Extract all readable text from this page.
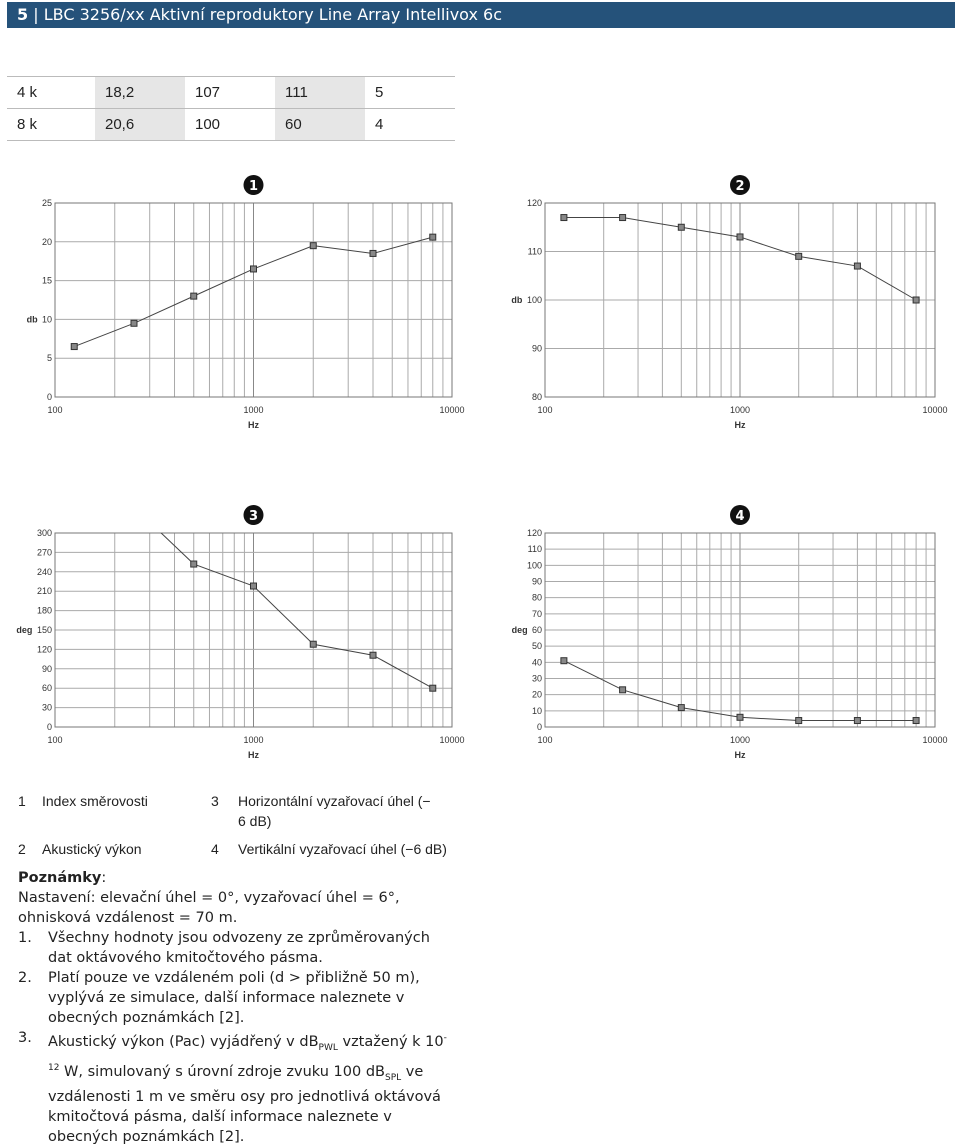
5 | LBC 3256/xx Aktivní reproduktory Line Array Intellivox 6c
4 k	18,2	107	111	5
8 k	20,6	100	60	4
0
5
10
15
20
25
db
100	1000	10000
Hz
1
80
90
100
110
120
db
100	1000	10000
Hz
2
0
30
60
90
120
150
180
210
240
270
300
deg
100	1000	10000
Hz
3
0
10
20
30
40
50
60
70
80
90
100
110
120
deg
100	1000	10000
Hz
4
1 Index směrovosti	3 Horizontální vyzařovací úhel (−
6 dB)
2 Akustický výkon	4 Vertikální vyzařovací úhel (−6 dB)
Poznámky:
Nastavení: elevační úhel = 0°, vyzařovací úhel = 6°, ohnisková vzdálenost = 70 m.
1. Všechny hodnoty jsou odvozeny ze zprůměrovaných dat oktávového kmitočtového pásma.
2. Platí pouze ve vzdáleném poli (d > přibližně 50 m), vyplývá ze simulace, další informace naleznete v obecných poznámkách [2].
3. Akustický výkon (Pac) vyjádřený v $dB_{PWL}$ vztažený k $10^{-12}$ W, simulovaný s úrovní zdroje zvuku 100 $dB_{SPL}$ ve vzdálenosti 1 m ve směru osy pro jednotlivá oktávová kmitočtová pásma, další informace naleznete v obecných poznámkách [2].
